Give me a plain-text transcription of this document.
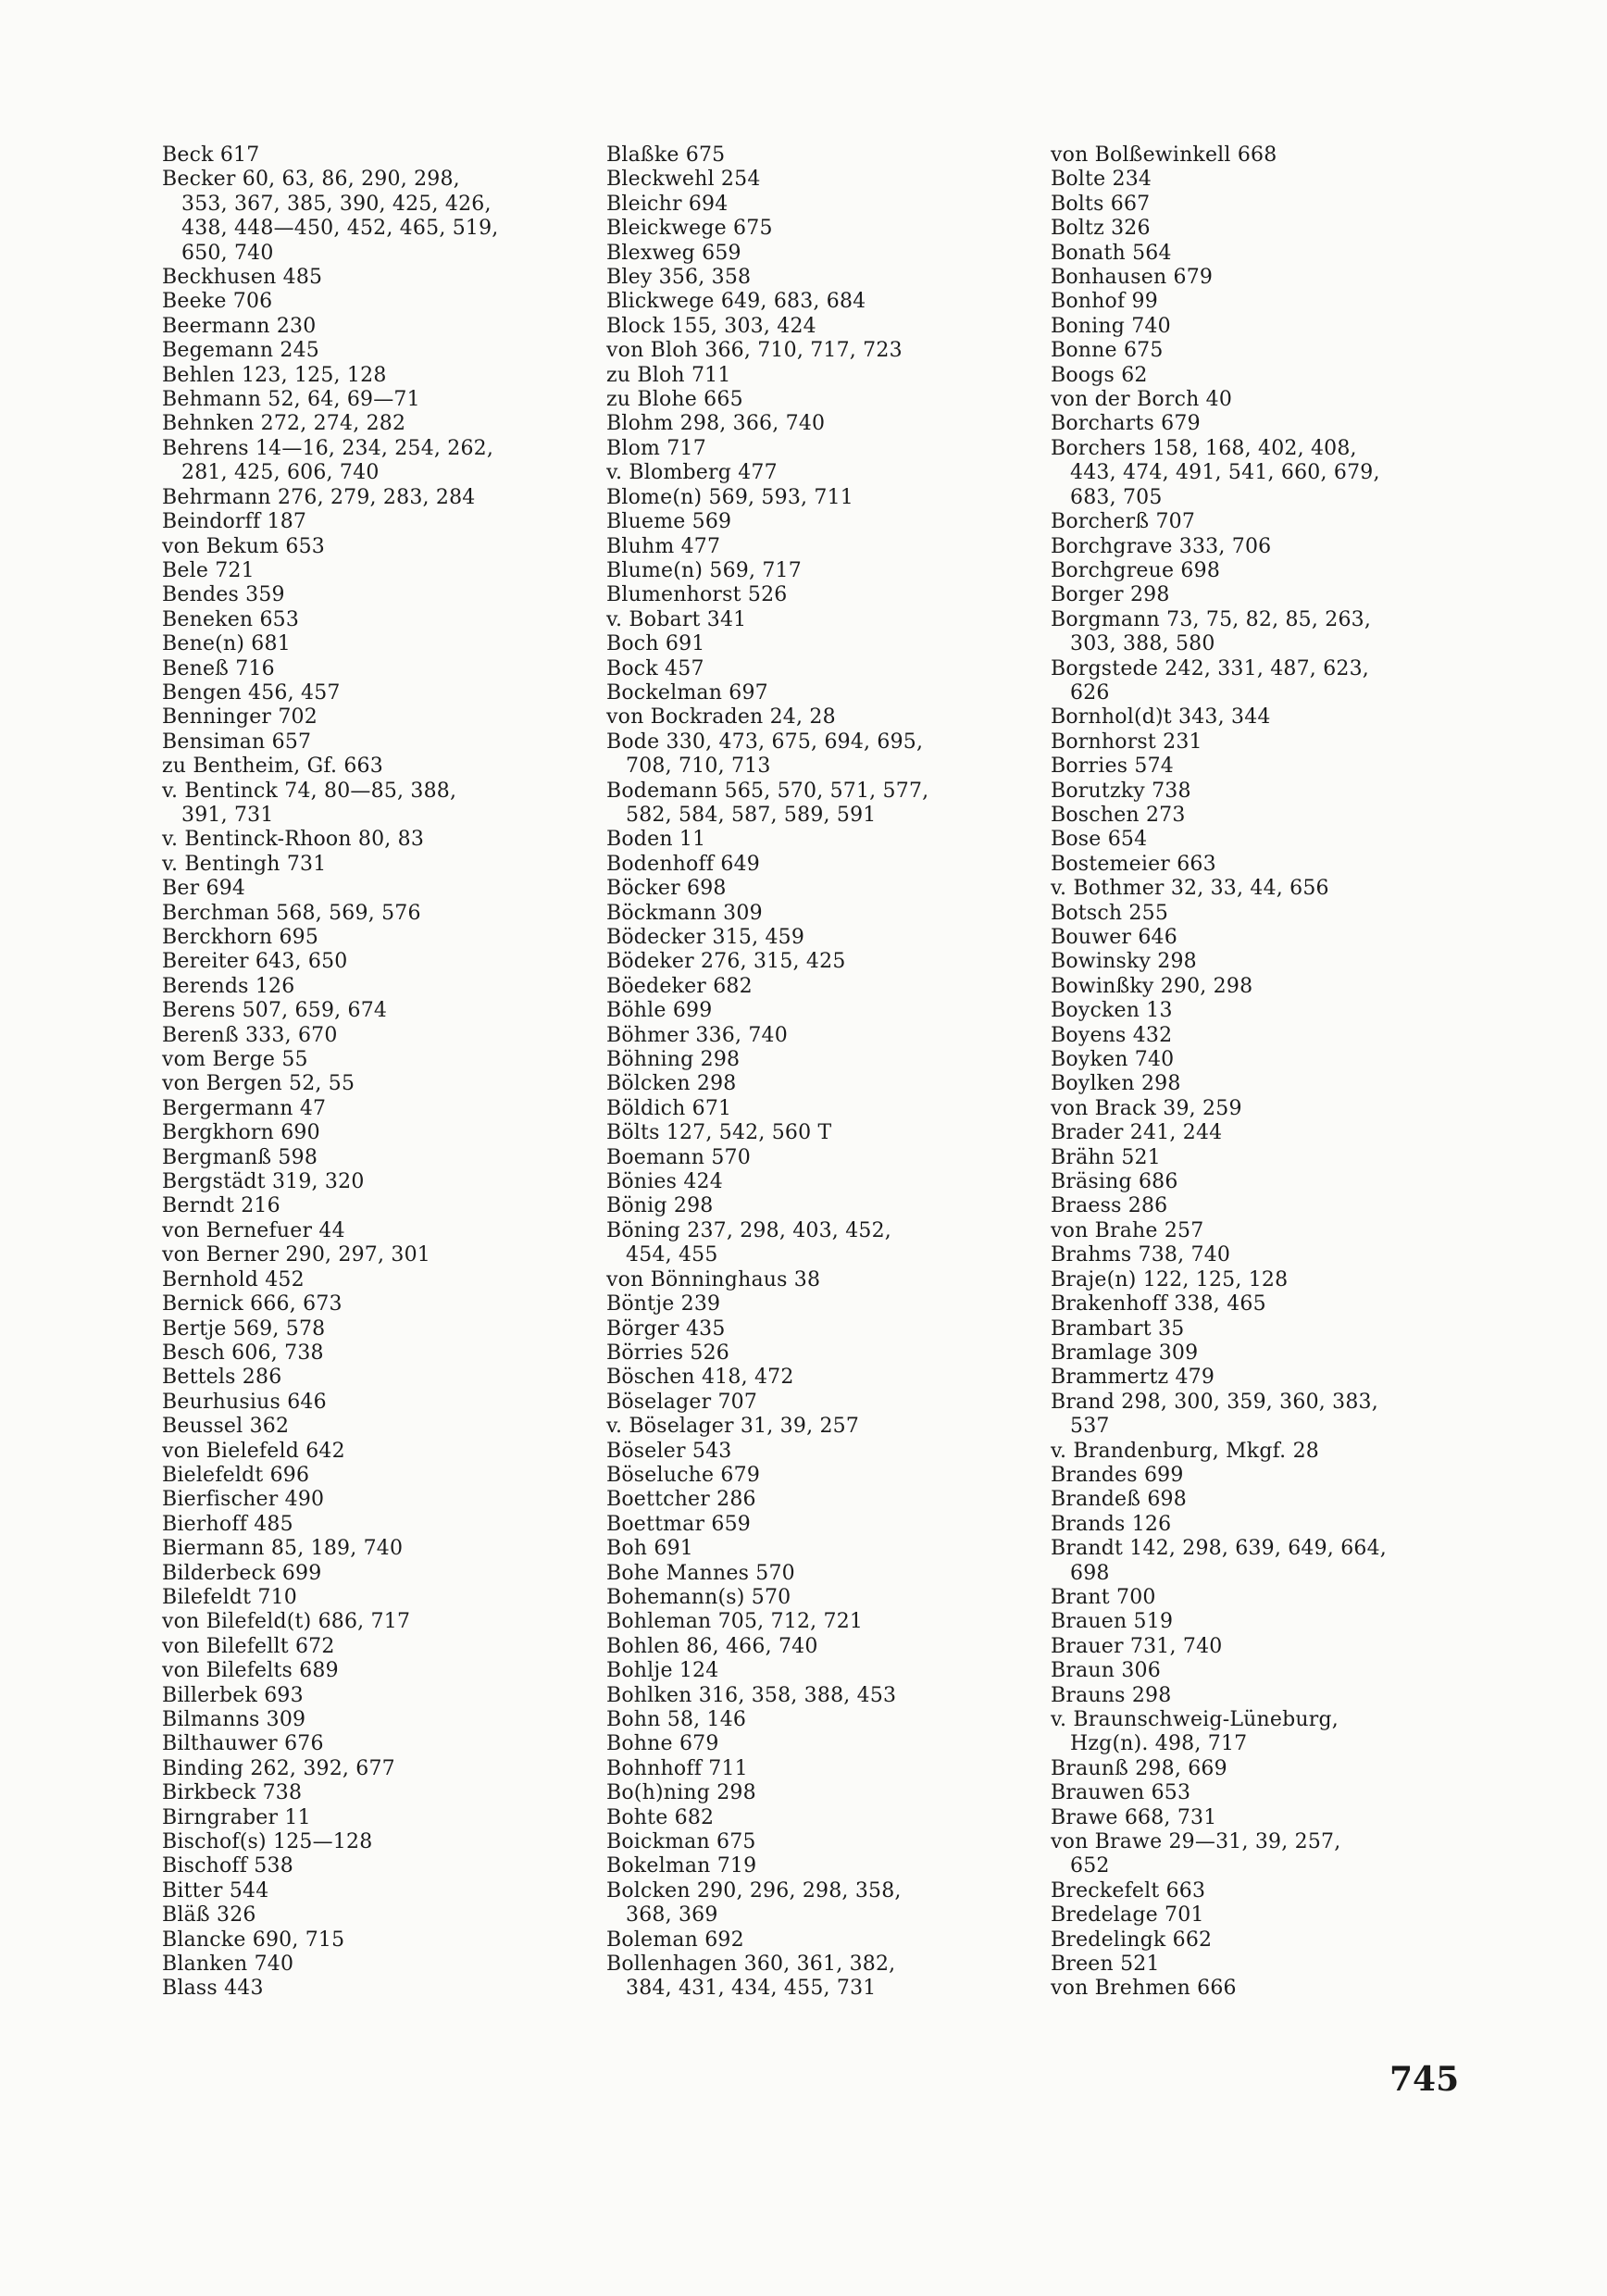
Beck 617
Becker 60, 63, 86, 290, 298,
353, 367, 385, 390, 425, 426,
438, 448—450, 452, 465, 519,
650, 740
Beckhusen 485
Beeke 706
Beermann 230
Begemann 245
Behlen 123, 125, 128
Behmann 52, 64, 69—71
Behnken 272, 274, 282
Behrens 14—16, 234, 254, 262,
281, 425, 606, 740
Behrmann 276, 279, 283, 284
Beindorff 187
von Bekum 653
Bele 721
Bendes 359
Beneken 653
Bene(n) 681
Beneß 716
Bengen 456, 457
Benninger 702
Bensiman 657
zu Bentheim, Gf. 663
v. Bentinck 74, 80—85, 388,
391, 731
v. Bentinck-Rhoon 80, 83
v. Bentingh 731
Ber 694
Berchman 568, 569, 576
Berckhorn 695
Bereiter 643, 650
Berends 126
Berens 507, 659, 674
Berenß 333, 670
vom Berge 55
von Bergen 52, 55
Bergermann 47
Bergkhorn 690
Bergmanß 598
Bergstädt 319, 320
Berndt 216
von Bernefuer 44
von Berner 290, 297, 301
Bernhold 452
Bernick 666, 673
Bertje 569, 578
Besch 606, 738
Bettels 286
Beurhusius 646
Beussel 362
von Bielefeld 642
Bielefeldt 696
Bierfischer 490
Bierhoff 485
Biermann 85, 189, 740
Bilderbeck 699
Bilefeldt 710
von Bilefeld(t) 686, 717
von Bilefellt 672
von Bilefelts 689
Billerbek 693
Bilmanns 309
Bilthauwer 676
Binding 262, 392, 677
Birkbeck 738
Birngraber 11
Bischof(s) 125—128
Bischoff 538
Bitter 544
Bläß 326
Blancke 690, 715
Blanken 740
Blass 443
Blaßke 675
Bleckwehl 254
Bleichr 694
Bleickwege 675
Blexweg 659
Bley 356, 358
Blickwege 649, 683, 684
Block 155, 303, 424
von Bloh 366, 710, 717, 723
zu Bloh 711
zu Blohe 665
Blohm 298, 366, 740
Blom 717
v. Blomberg 477
Blome(n) 569, 593, 711
Blueme 569
Bluhm 477
Blume(n) 569, 717
Blumenhorst 526
v. Bobart 341
Boch 691
Bock 457
Bockelman 697
von Bockraden 24, 28
Bode 330, 473, 675, 694, 695,
708, 710, 713
Bodemann 565, 570, 571, 577,
582, 584, 587, 589, 591
Boden 11
Bodenhoff 649
Böcker 698
Böckmann 309
Bödecker 315, 459
Bödeker 276, 315, 425
Böedeker 682
Böhle 699
Böhmer 336, 740
Böhning 298
Bölcken 298
Böldich 671
Bölts 127, 542, 560 T
Boemann 570
Bönies 424
Bönig 298
Böning 237, 298, 403, 452,
454, 455
von Bönninghaus 38
Böntje 239
Börger 435
Börries 526
Böschen 418, 472
Böselager 707
v. Böselager 31, 39, 257
Böseler 543
Böseluche 679
Boettcher 286
Boettmar 659
Boh 691
Bohe Mannes 570
Bohemann(s) 570
Bohleman 705, 712, 721
Bohlen 86, 466, 740
Bohlje 124
Bohlken 316, 358, 388, 453
Bohn 58, 146
Bohne 679
Bohnhoff 711
Bo(h)ning 298
Bohte 682
Boickman 675
Bokelman 719
Bolcken 290, 296, 298, 358,
368, 369
Boleman 692
Bollenhagen 360, 361, 382,
384, 431, 434, 455, 731
von Bolßewinkell 668
Bolte 234
Bolts 667
Boltz 326
Bonath 564
Bonhausen 679
Bonhof 99
Boning 740
Bonne 675
Boogs 62
von der Borch 40
Borcharts 679
Borchers 158, 168, 402, 408,
443, 474, 491, 541, 660, 679,
683, 705
Borcherß 707
Borchgrave 333, 706
Borchgreue 698
Borger 298
Borgmann 73, 75, 82, 85, 263,
303, 388, 580
Borgstede 242, 331, 487, 623,
626
Bornhol(d)t 343, 344
Bornhorst 231
Borries 574
Borutzky 738
Boschen 273
Bose 654
Bostemeier 663
v. Bothmer 32, 33, 44, 656
Botsch 255
Bouwer 646
Bowinsky 298
Bowinßky 290, 298
Boycken 13
Boyens 432
Boyken 740
Boylken 298
von Brack 39, 259
Brader 241, 244
Brähn 521
Bräsing 686
Braess 286
von Brahe 257
Brahms 738, 740
Braje(n) 122, 125, 128
Brakenhoff 338, 465
Brambart 35
Bramlage 309
Brammertz 479
Brand 298, 300, 359, 360, 383,
537
v. Brandenburg, Mkgf. 28
Brandes 699
Brandeß 698
Brands 126
Brandt 142, 298, 639, 649, 664,
698
Brant 700
Brauen 519
Brauer 731, 740
Braun 306
Brauns 298
v. Braunschweig-Lüneburg,
Hzg(n). 498, 717
Braunß 298, 669
Brauwen 653
Brawe 668, 731
von Brawe 29—31, 39, 257,
652
Breckefelt 663
Bredelage 701
Bredelingk 662
Breen 521
von Brehmen 666
745
